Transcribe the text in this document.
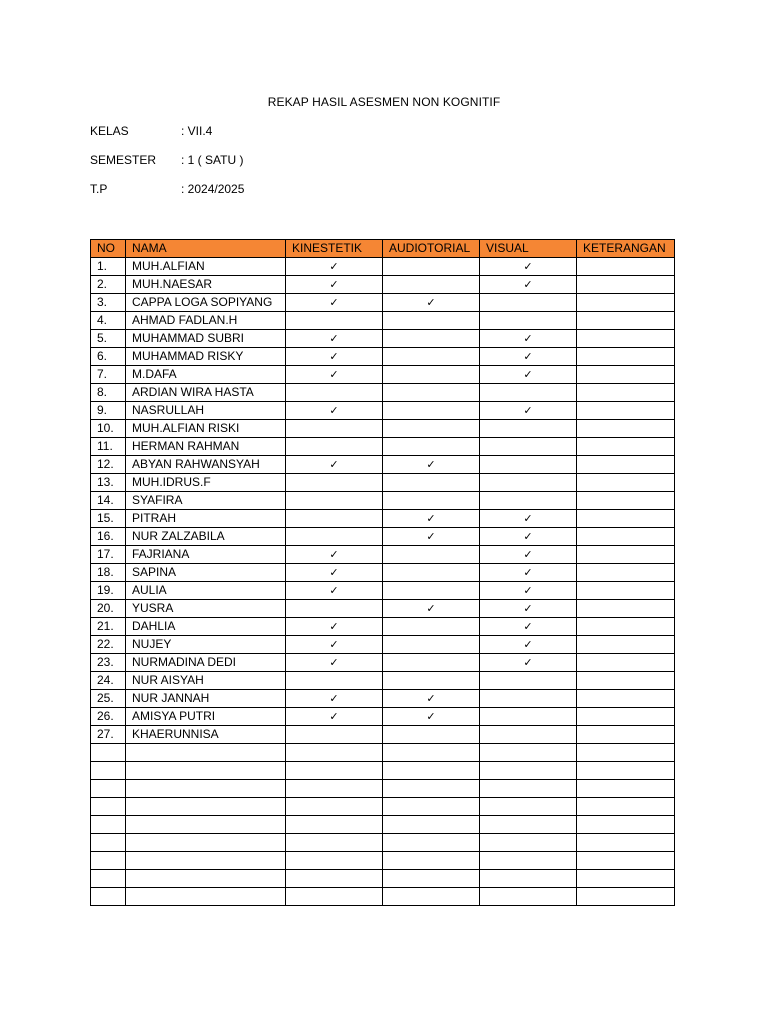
REKAP HASIL ASESMEN NON KOGNITIF
KELAS	: VII.4
SEMESTER : 1 ( SATU )
T.P	: 2024/2025
NO	NAMA	KINESTETIK	AUDIOTORIAL	VISUAL	KETERANGAN
1.	MUH.ALFIAN	✓		✓	
2.	MUH.NAESAR	✓		✓	
3.	CAPPA LOGA SOPIYANG	✓	✓		
4.	AHMAD FADLAN.H				
5.	MUHAMMAD SUBRI	✓		✓	
6.	MUHAMMAD RISKY	✓		✓	
7.	M.DAFA	✓		✓	
8.	ARDIAN WIRA HASTA				
9.	NASRULLAH	✓		✓	
10.	MUH.ALFIAN RISKI				
11.	HERMAN RAHMAN				
12.	ABYAN RAHWANSYAH	✓	✓		
13.	MUH.IDRUS.F				
14.	SYAFIRA				
15.	PITRAH		✓	✓	
16.	NUR ZALZABILA		✓	✓	
17.	FAJRIANA	✓		✓	
18.	SAPINA	✓		✓	
19.	AULIA	✓		✓	
20.	YUSRA		✓	✓	
21.	DAHLIA	✓		✓	
22.	NUJEY	✓		✓	
23.	NURMADINA DEDI	✓		✓	
24.	NUR AISYAH				
25.	NUR JANNAH	✓	✓		
26.	AMISYA PUTRI	✓	✓		
27.	KHAERUNNISA				
